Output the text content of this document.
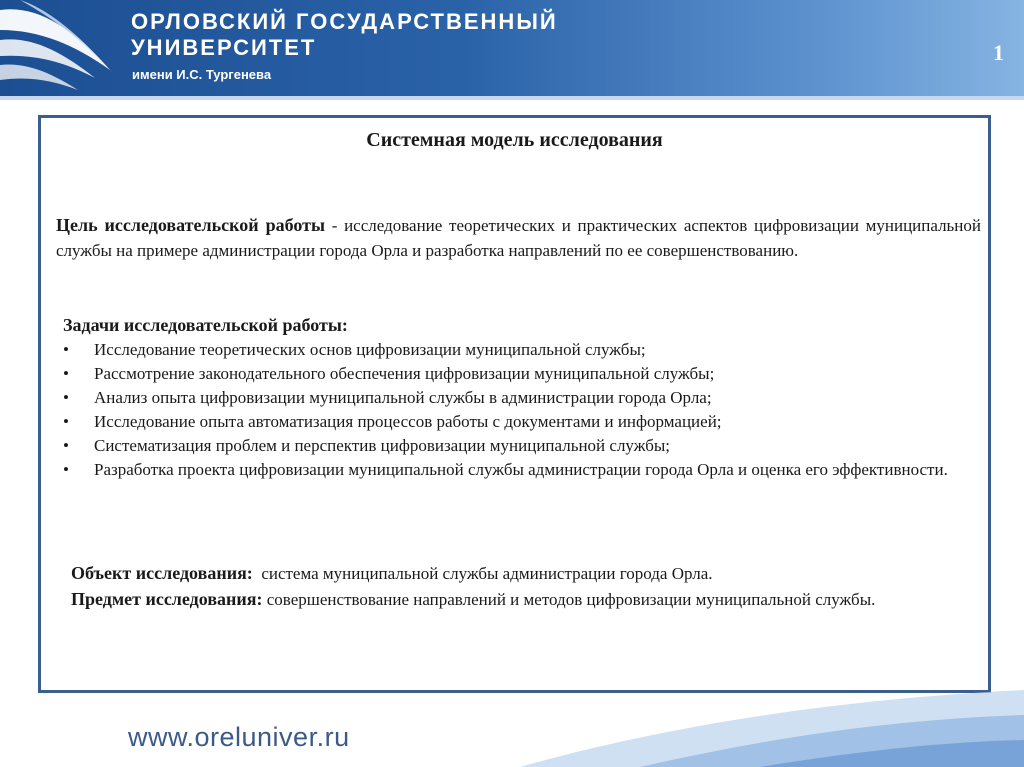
ОРЛОВСКИЙ ГОСУДАРСТВЕННЫЙ
УНИВЕРСИТЕТ
имени И.С. Тургенева
1
Системная модель исследования
Цель исследовательской работы - исследование теоретических и практических аспектов цифровизации муниципальной службы на примере администрации города Орла и разработка направлений по ее совершенствованию.
Задачи исследовательской работы:
• Исследование теоретических основ цифровизации муниципальной службы;
• Рассмотрение законодательного обеспечения цифровизации муниципальной службы;
• Анализ опыта цифровизации муниципальной службы в администрации города Орла;
• Исследование опыта автоматизация процессов работы с документами и информацией;
• Систематизация проблем и перспектив цифровизации муниципальной службы;
• Разработка проекта цифровизации муниципальной службы администрации города Орла и оценка его эффективности.
Объект исследования:  система муниципальной службы администрации города Орла.
Предмет исследования: совершенствование направлений и методов цифровизации муниципальной службы.
www.oreluniver.ru
